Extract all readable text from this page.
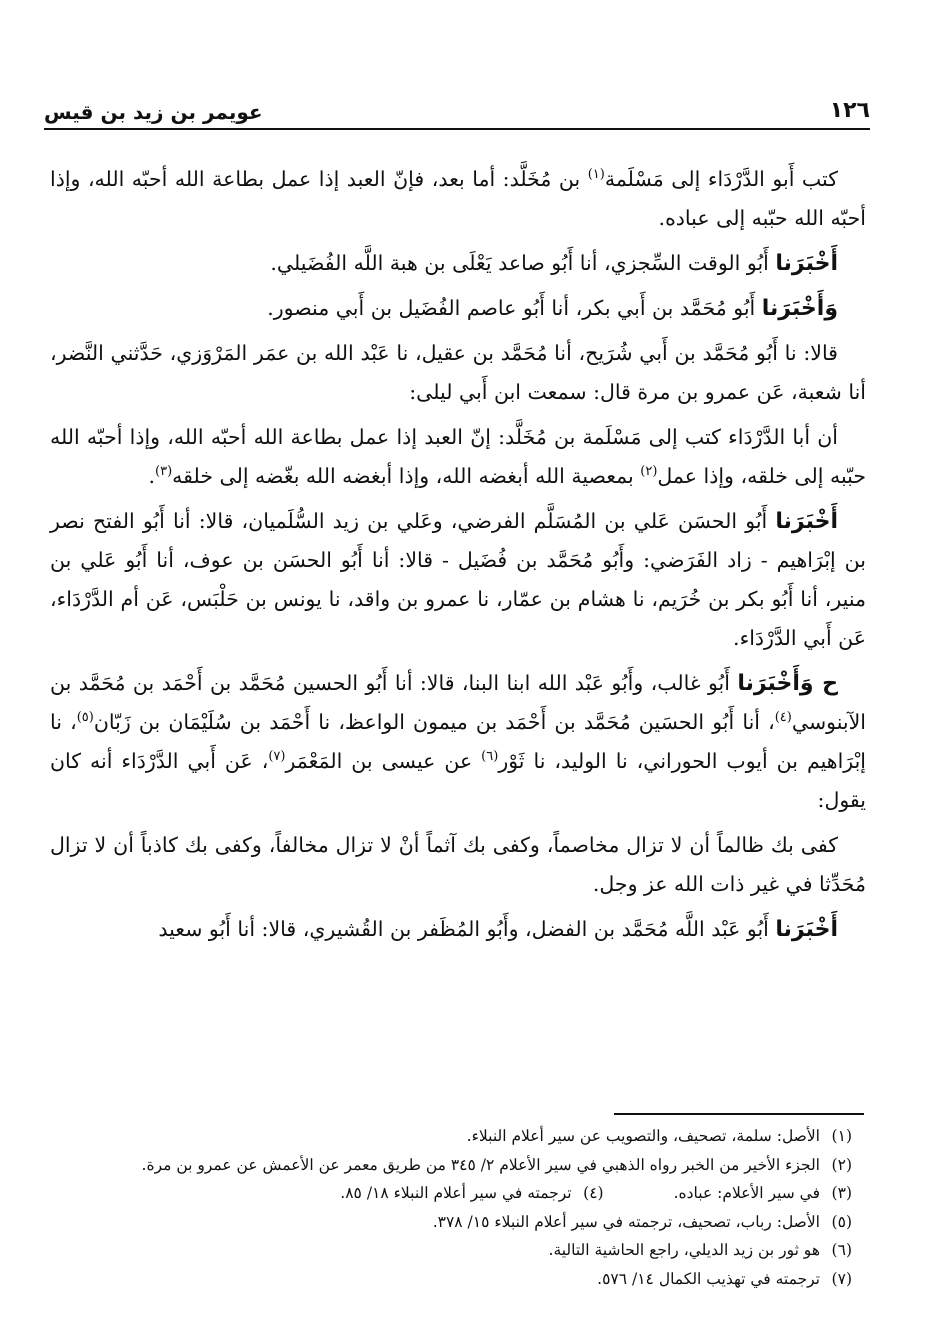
١٢٦
عويمر بن زيد بن قيس

كتب أَبو الدَّرْدَاء إلى مَسْلَمة$^{(١)}$ بن مُخَلَّد: أما بعد، فإنّ العبد إذا عمل بطاعة الله أحبّه الله، وإذا أحبّه الله حبّبه إلى عباده.

أَخْبَرَنا أَبُو الوقت السِّجزي، أنا أَبُو صاعد يَعْلَى بن هبة اللَّه الفُضَيلي.

وَأَخْبَرَنا أَبُو مُحَمَّد بن أَبي بكر، أنا أَبُو عاصم الفُضَيل بن أَبي منصور.

قالا: نا أَبُو مُحَمَّد بن أَبي شُرَيح، أنا مُحَمَّد بن عقيل، نا عَبْد الله بن عمَر المَرْوَزي، حَدَّثني النَّضر، أنا شعبة، عَن عمرو بن مرة قال: سمعت ابن أَبي ليلى:

أن أبا الدَّرْدَاء كتب إلى مَسْلَمة بن مُخَلَّد: إنّ العبد إذا عمل بطاعة الله أحبّه الله، وإذا أحبّه الله حبّبه إلى خلقه، وإذا عمل$^{(٢)}$ بمعصية الله أبغضه الله، وإذا أبغضه الله بغّضه إلى خلقه$^{(٣)}$.

أَخْبَرَنا أَبُو الحسَن عَلي بن المُسَلَّم الفرضي، وعَلي بن زيد السُّلَميان، قالا: أنا أَبُو الفتح نصر بن إبْرَاهيم - زاد الفَرَضي: وأَبُو مُحَمَّد بن فُضَيل - قالا: أنا أَبُو الحسَن بن عوف، أنا أَبُو عَلي بن منير، أنا أَبُو بكر بن خُرَيم، نا هشام بن عمّار، نا عمرو بن واقد، نا يونس بن حَلْبَس، عَن أم الدَّرْدَاء، عَن أَبي الدَّرْدَاء.

ح وَأَخْبَرَنا أَبُو غالب، وأَبُو عَبْد الله ابنا البنا، قالا: أنا أَبُو الحسين مُحَمَّد بن أَحْمَد بن مُحَمَّد بن الآبنوسي$^{(٤)}$، أنا أَبُو الحسَين مُحَمَّد بن أَحْمَد بن ميمون الواعظ، نا أَحْمَد بن سُلَيْمَان بن زَبّان$^{(٥)}$، نا إبْرَاهيم بن أيوب الحوراني، نا الوليد، نا ثَوْر$^{(٦)}$ عن عيسى بن المَعْمَر$^{(٧)}$، عَن أَبي الدَّرْدَاء أنه كان يقول:

كفى بك ظالماً أن لا تزال مخاصماً، وكفى بك آثماً أنْ لا تزال مخالفاً، وكفى بك كاذباً أن لا تزال مُحَدِّثا في غير ذات الله عز وجل.

أَخْبَرَنا أَبُو عَبْد اللَّه مُحَمَّد بن الفضل، وأَبُو المُظَفر بن القُشيري، قالا: أنا أَبُو سعيد

(١)الأصل: سلمة، تصحيف، والتصويب عن سير أعلام النبلاء.

(٢)الجزء الأخير من الخبر رواه الذهبي في سير الأعلام ٢/ ٣٤٥ من طريق معمر عن الأعمش عن عمرو بن مرة.

(٣)في سير الأعلام: عباده.(٤)ترجمته في سير أعلام النبلاء ١٨/ ٨٥.

(٥)الأصل: رباب، تصحيف، ترجمته في سير أعلام النبلاء ١٥/ ٣٧٨.

(٦)هو ثور بن زيد الديلي، راجع الحاشية التالية.

(٧)ترجمته في تهذيب الكمال ١٤/ ٥٧٦.
